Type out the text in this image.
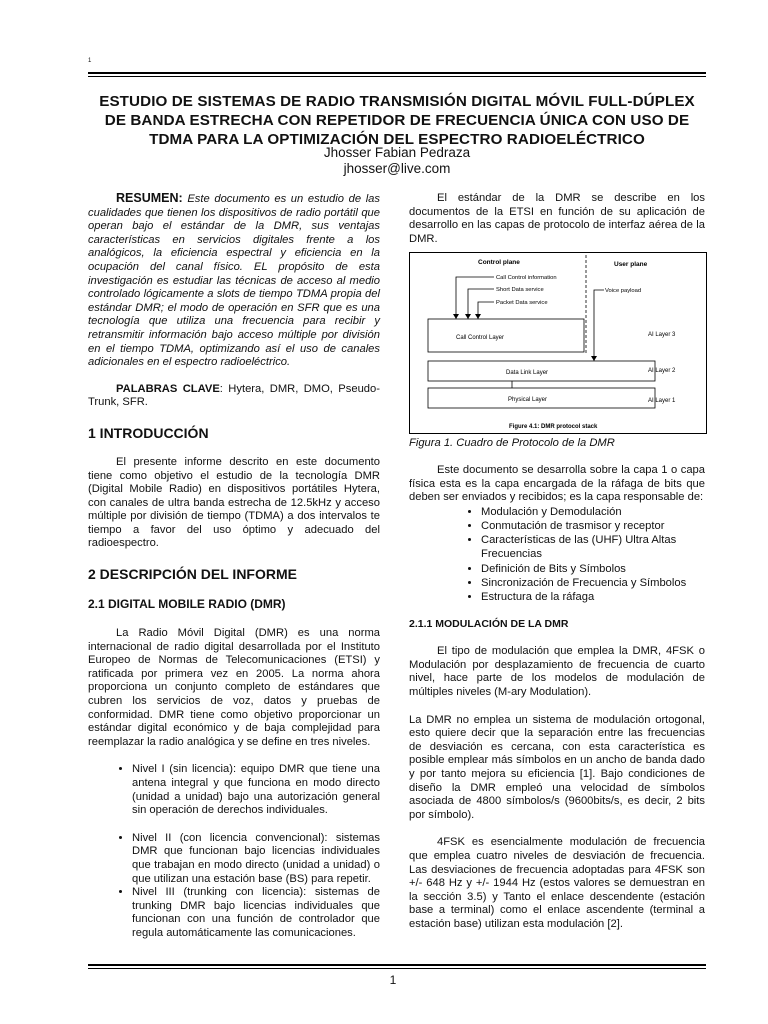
1
ESTUDIO DE SISTEMAS DE RADIO TRANSMISIÓN DIGITAL MÓVIL FULL-DÚPLEX
DE BANDA ESTRECHA CON REPETIDOR DE FRECUENCIA ÚNICA CON USO DE
TDMA PARA LA OPTIMIZACIÓN DEL ESPECTRO RADIOELÉCTRICO
Jhosser Fabian Pedraza
jhosser@live.com

RESUMEN: Este documento es un estudio de las cualidades que tienen los dispositivos de radio portátil que operan bajo el estándar de la DMR, sus ventajas características en servicios digitales frente a los analógicos, la eficiencia espectral y eficiencia en la ocupación del canal físico. EL propósito de esta investigación es estudiar las técnicas de acceso al medio controlado lógicamente a slots de tiempo TDMA propia del estándar DMR; el modo de operación en SFR que es una tecnología que utiliza una frecuencia para recibir y retransmitir información bajo acceso múltiple por división en el tiempo TDMA, optimizando así el uso de canales adicionales en el espectro radioeléctrico.

PALABRAS CLAVE: Hytera, DMR, DMO, Pseudo-Trunk, SFR.

1 INTRODUCCIÓN

El presente informe descrito en este documento tiene como objetivo el estudio de la tecnología DMR (Digital Mobile Radio) en dispositivos portátiles Hytera, con canales de ultra banda estrecha de 12.5kHz y acceso múltiple por división de tiempo (TDMA) a dos intervalos te tiempo a favor del uso óptimo y adecuado del radioespectro.

2 DESCRIPCIÓN DEL INFORME
2.1 DIGITAL MOBILE RADIO (DMR)

La Radio Móvil Digital (DMR) es una norma internacional de radio digital desarrollada por el Instituto Europeo de Normas de Telecomunicaciones (ETSI) y ratificada por primera vez en 2005. La norma ahora proporciona un conjunto completo de estándares que cubren los servicios de voz, datos y pruebas de conformidad. DMR tiene como objetivo proporcionar un estándar digital económico y de baja complejidad para reemplazar la radio analógica y se define en tres niveles.

• Nivel I (sin licencia): equipo DMR que tiene una antena integral y que funciona en modo directo (unidad a unidad) bajo una autorización general sin operación de derechos individuales.
• Nivel II (con licencia convencional): sistemas DMR que funcionan bajo licencias individuales que trabajan en modo directo (unidad a unidad) o que utilizan una estación base (BS) para repetir.
• Nivel III (trunking con licencia): sistemas de trunking DMR bajo licencias individuales que funcionan con una función de controlador que regula automáticamente las comunicaciones.

El estándar de la DMR se describe en los documentos de la ETSI en función de su aplicación de desarrollo en las capas de protocolo de interfaz aérea de la DMR.

Control plane	User plane
Call Control information
Short Data service
Packet Data service
Voice payload
Call Control Layer	AI Layer 3
Data Link Layer	AI Layer 2
Physical Layer	AI Layer 1
Figure 4.1: DMR protocol stack
Figura 1. Cuadro de Protocolo de la DMR

Este documento se desarrolla sobre la capa 1 o capa física esta es la capa encargada de la ráfaga de bits que deben ser enviados y recibidos; es la capa responsable de:

• Modulación y Demodulación
• Conmutación de trasmisor y receptor
• Características de las (UHF) Ultra Altas Frecuencias
• Definición de Bits y Símbolos
• Sincronización de Frecuencia y Símbolos
• Estructura de la ráfaga
2.1.1 MODULACIÓN DE LA DMR

El tipo de modulación que emplea la DMR, 4FSK o Modulación por desplazamiento de frecuencia de cuarto nivel, hace parte de los modelos de modulación de múltiples niveles (M-ary Modulation).

La DMR no emplea un sistema de modulación ortogonal, esto quiere decir que la separación entre las frecuencias de desviación es cercana, con esta característica es posible emplear más símbolos en un ancho de banda dado y por tanto mejora su eficiencia [1]. Bajo condiciones de diseño la DMR empleó una velocidad de símbolos asociada de 4800 símbolos/s (9600bits/s, es decir, 2 bits por símbolo).

4FSK es esencialmente modulación de frecuencia que emplea cuatro niveles de desviación de frecuencia. Las desviaciones de frecuencia adoptadas para 4FSK son +/- 648 Hz y +/- 1944 Hz (estos valores se demuestran en la sección 3.5) y Tanto el enlace descendente (estación base a terminal) como el enlace ascendente (terminal a estación base) utilizan esta modulación [2].

1
